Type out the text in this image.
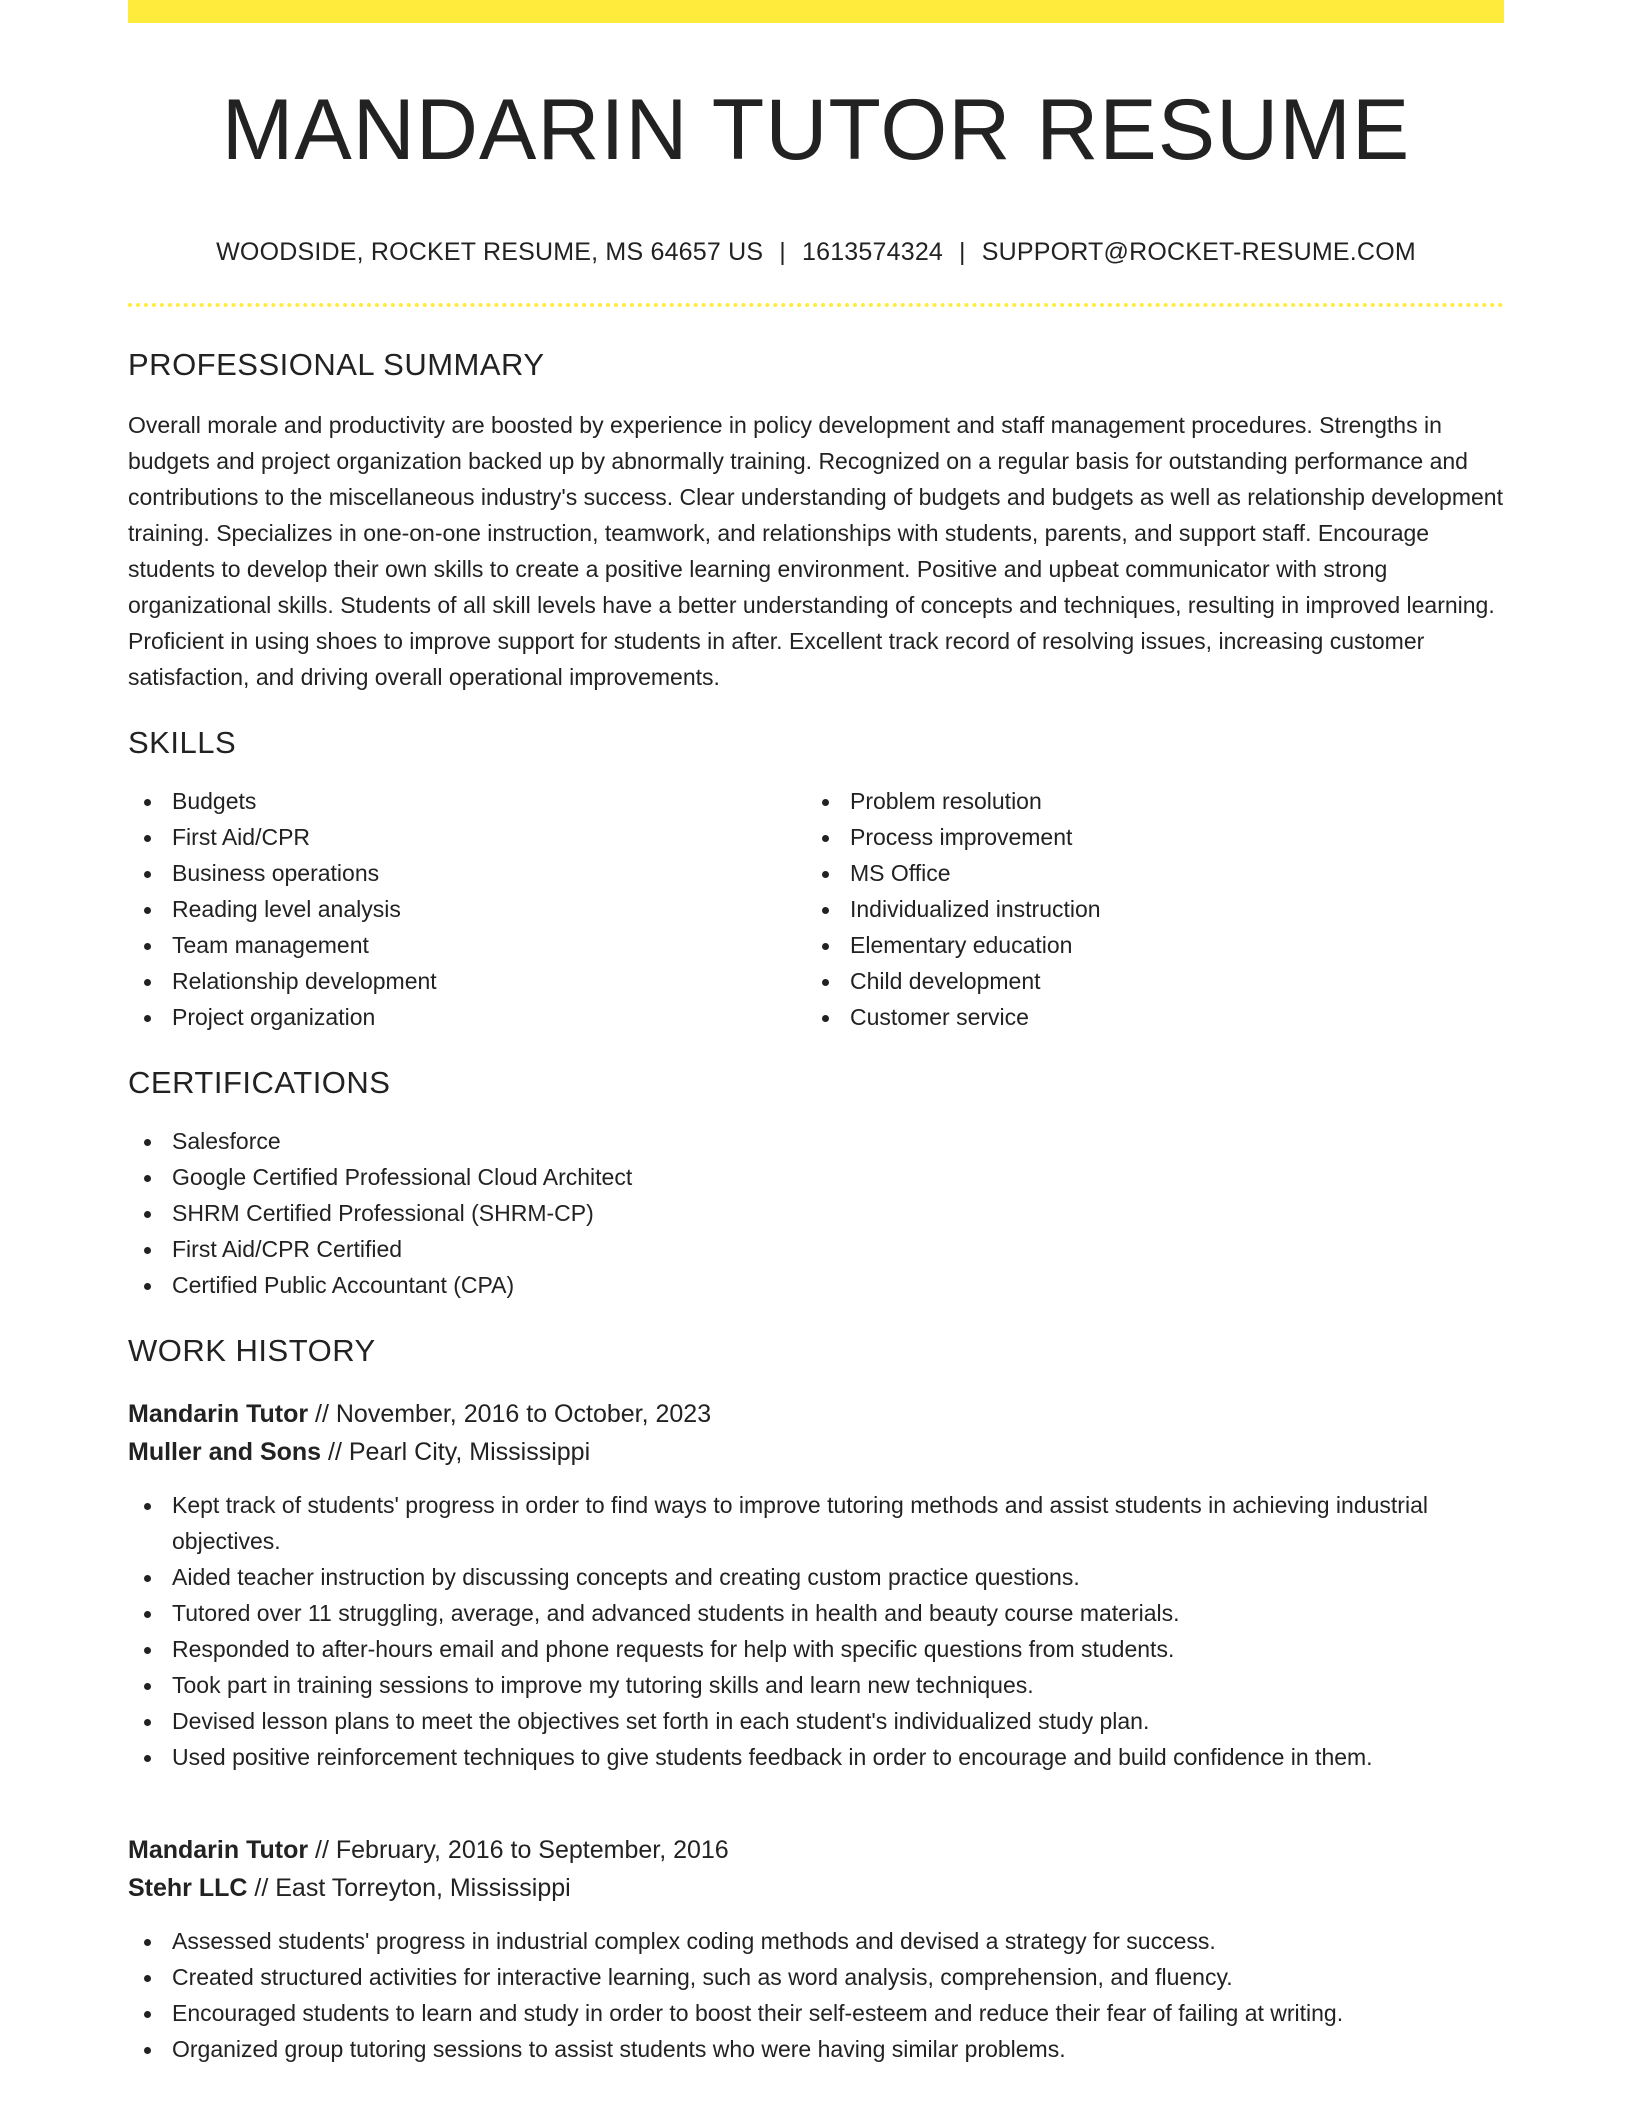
MANDARIN TUTOR RESUME
WOODSIDE, ROCKET RESUME, MS 64657 US | 1613574324 | SUPPORT@ROCKET-RESUME.COM
PROFESSIONAL SUMMARY
Overall morale and productivity are boosted by experience in policy development and staff management procedures. Strengths in budgets and project organization backed up by abnormally training. Recognized on a regular basis for outstanding performance and contributions to the miscellaneous industry's success. Clear understanding of budgets and budgets as well as relationship development training. Specializes in one-on-one instruction, teamwork, and relationships with students, parents, and support staff. Encourage students to develop their own skills to create a positive learning environment. Positive and upbeat communicator with strong organizational skills. Students of all skill levels have a better understanding of concepts and techniques, resulting in improved learning. Proficient in using shoes to improve support for students in after. Excellent track record of resolving issues, increasing customer satisfaction, and driving overall operational improvements.
SKILLS
Budgets
First Aid/CPR
Business operations
Reading level analysis
Team management
Relationship development
Project organization
Problem resolution
Process improvement
MS Office
Individualized instruction
Elementary education
Child development
Customer service
CERTIFICATIONS
Salesforce
Google Certified Professional Cloud Architect
SHRM Certified Professional (SHRM-CP)
First Aid/CPR Certified
Certified Public Accountant (CPA)
WORK HISTORY
Mandarin Tutor // November, 2016 to October, 2023
Muller and Sons // Pearl City, Mississippi
Kept track of students' progress in order to find ways to improve tutoring methods and assist students in achieving industrial objectives.
Aided teacher instruction by discussing concepts and creating custom practice questions.
Tutored over 11 struggling, average, and advanced students in health and beauty course materials.
Responded to after-hours email and phone requests for help with specific questions from students.
Took part in training sessions to improve my tutoring skills and learn new techniques.
Devised lesson plans to meet the objectives set forth in each student's individualized study plan.
Used positive reinforcement techniques to give students feedback in order to encourage and build confidence in them.
Mandarin Tutor // February, 2016 to September, 2016
Stehr LLC // East Torreyton, Mississippi
Assessed students' progress in industrial complex coding methods and devised a strategy for success.
Created structured activities for interactive learning, such as word analysis, comprehension, and fluency.
Encouraged students to learn and study in order to boost their self-esteem and reduce their fear of failing at writing.
Organized group tutoring sessions to assist students who were having similar problems.
